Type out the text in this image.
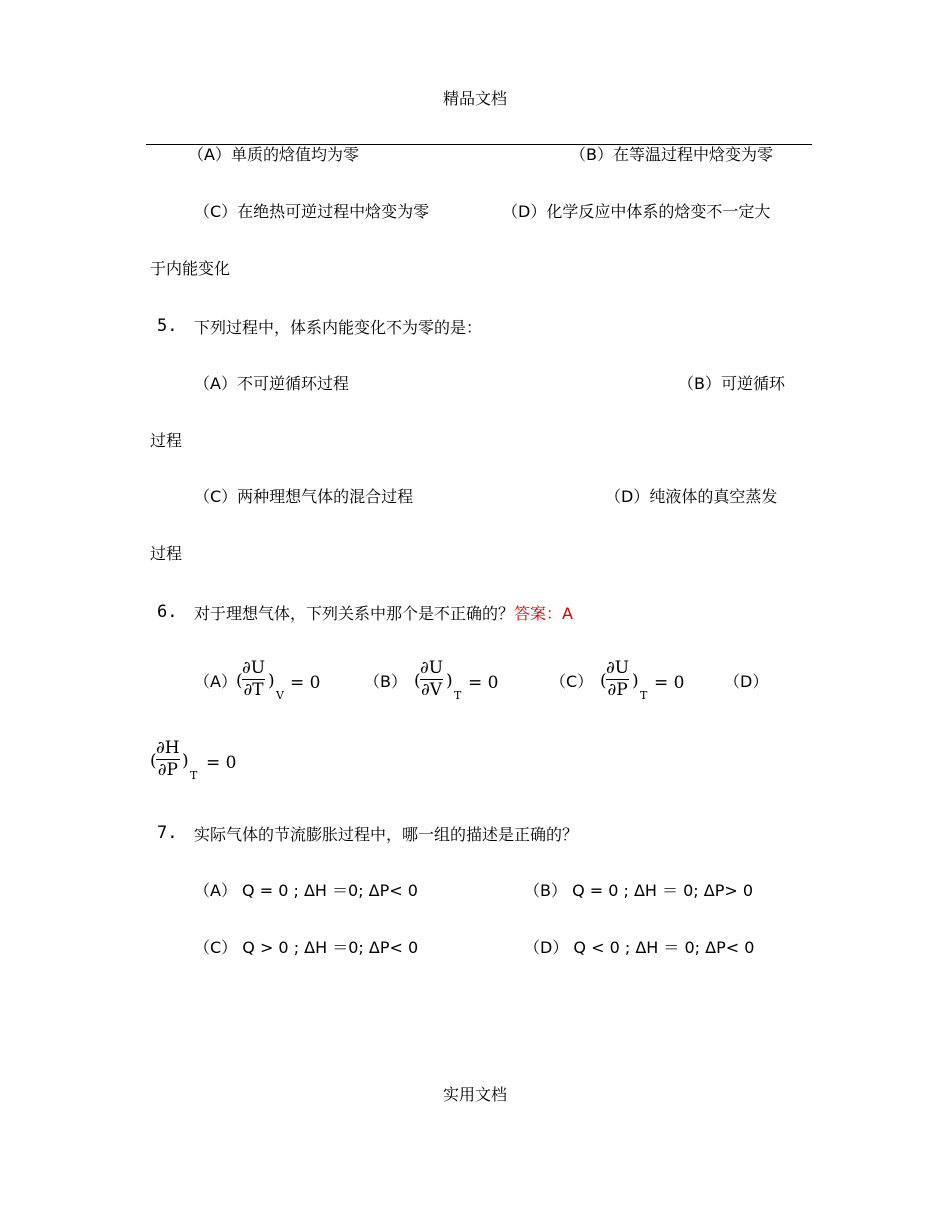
精品文档
（A）单质的焓值均为零	（B）在等温过程中焓变为零
（C）在绝热可逆过程中焓变为零	（D）化学反应中体系的焓变不一定大
于内能变化
5. 下列过程中，体系内能变化不为零的是：
（A）不可逆循环过程	（B）可逆循环
过程
（C）两种理想气体的混合过程	（D）纯液体的真空蒸发
过程
6. 对于理想气体，下列关系中那个是不正确的？答案：A
（A） (
∂U
∂T )
V
= 0	（B） (
∂U
∂V )
T
= 0	（C） (
∂U
∂P )
T
= 0 （D）
(
∂H
∂P )
T
= 0
7. 实际气体的节流膨胀过程中，哪一组的描述是正确的？
（A） Q = 0 ; ΔH ＝0; ΔP< 0	（B） Q = 0 ; ΔH ＝ 0; ΔP> 0
（C） Q > 0 ; ΔH ＝0; ΔP< 0	（D） Q < 0 ; ΔH ＝ 0; ΔP< 0
实用文档
